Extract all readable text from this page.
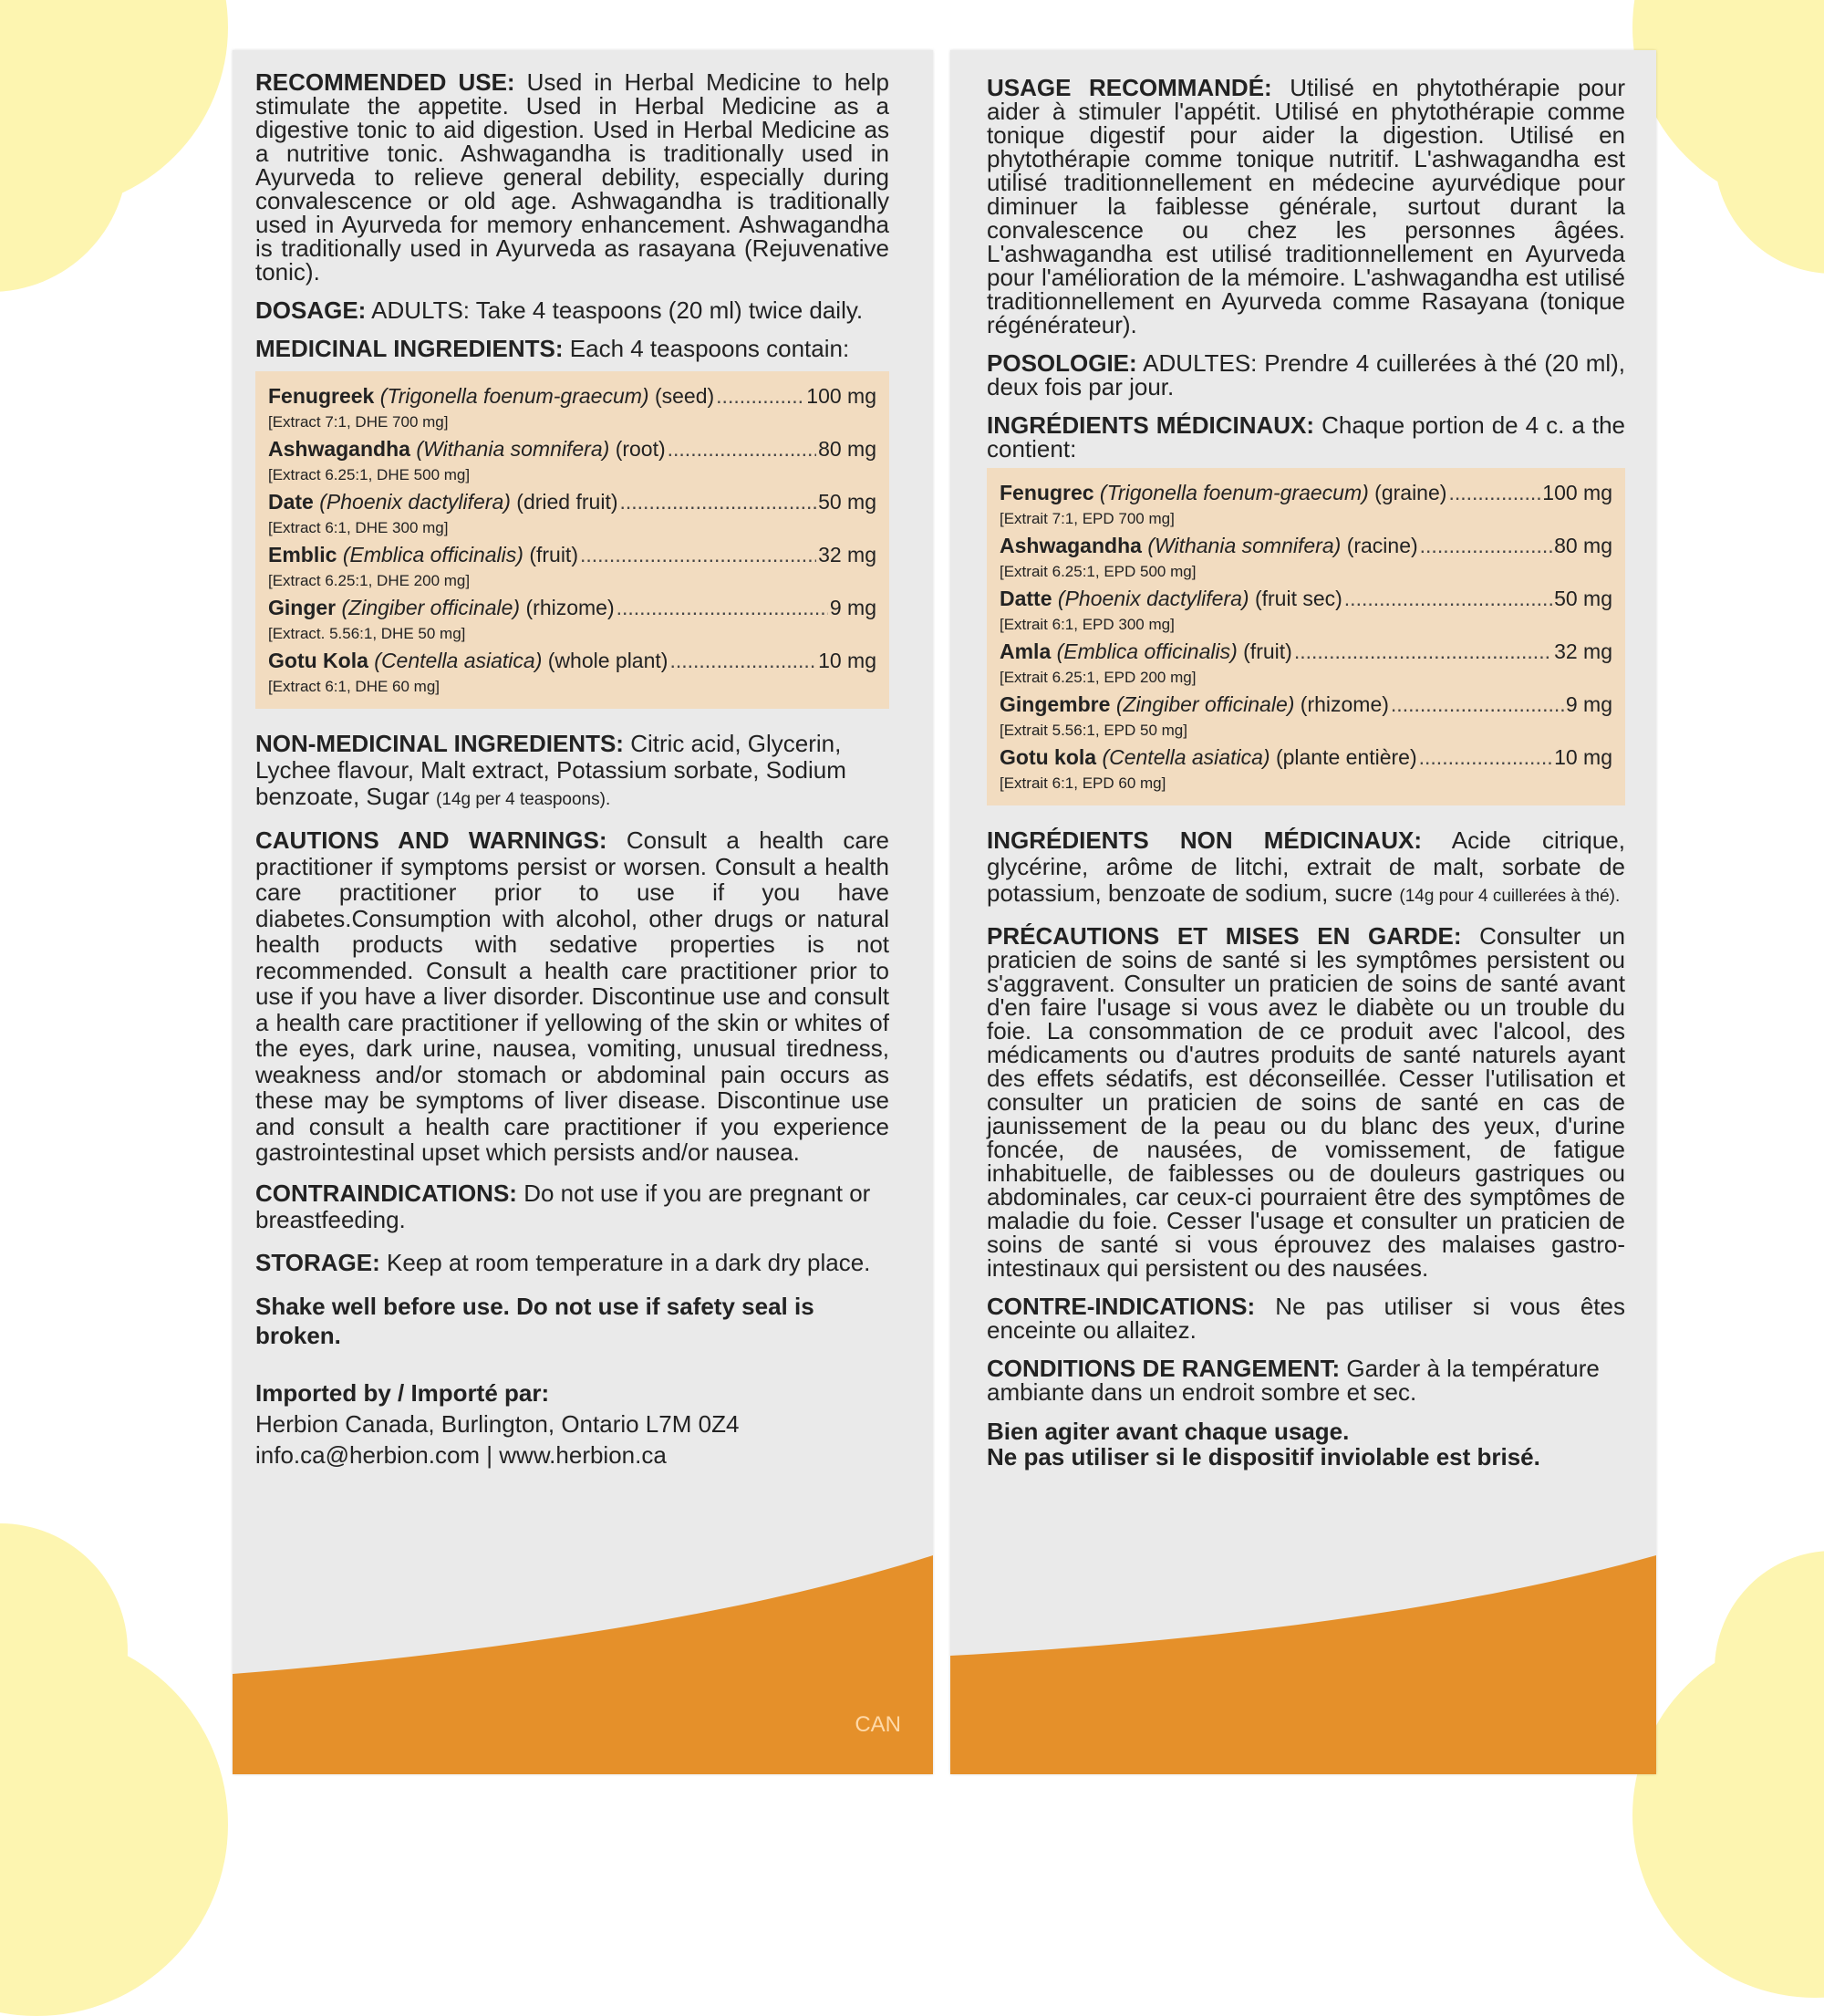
RECOMMENDED USE: Used in Herbal Medicine to help stimulate the appetite. Used in Herbal Medicine as a digestive tonic to aid digestion. Used in Herbal Medicine as a nutritive tonic. Ashwagandha is traditionally used in Ayurveda to relieve general debility, especially during convalescence or old age. Ashwagandha is traditionally used in Ayurveda for memory enhancement. Ashwagandha is traditionally used in Ayurveda as rasayana (Rejuvenative tonic).

DOSAGE: ADULTS: Take 4 teaspoons (20 ml) twice daily.

MEDICINAL INGREDIENTS: Each 4 teaspoons contain:

Fenugreek (Trigonella foenum-graecum) (seed) .....	100 mg
[Extract 7:1, DHE 700 mg]
Ashwagandha (Withania somnifera) (root) .....	80 mg
[Extract 6.25:1, DHE 500 mg]
Date (Phoenix dactylifera) (dried fruit) .....	50 mg
[Extract 6:1, DHE 300 mg]
Emblic (Emblica officinalis) (fruit) .....	32 mg
[Extract 6.25:1, DHE 200 mg]
Ginger (Zingiber officinale) (rhizome) .....	9 mg
[Extract. 5.56:1, DHE 50 mg]
Gotu Kola (Centella asiatica) (whole plant) .....	10 mg
[Extract 6:1, DHE 60 mg]

NON-MEDICINAL INGREDIENTS: Citric acid, Glycerin, Lychee flavour, Malt extract, Potassium sorbate, Sodium benzoate, Sugar (14g per 4 teaspoons).

CAUTIONS AND WARNINGS: Consult a health care practitioner if symptoms persist or worsen. Consult a health care practitioner prior to use if you have diabetes.Consumption with alcohol, other drugs or natural health products with sedative properties is not recommended. Consult a health care practitioner prior to use if you have a liver disorder. Discontinue use and consult a health care practitioner if yellowing of the skin or whites of the eyes, dark urine, nausea, vomiting, unusual tiredness, weakness and/or stomach or abdominal pain occurs as these may be symptoms of liver disease. Discontinue use and consult a health care practitioner if you experience gastrointestinal upset which persists and/or nausea.

CONTRAINDICATIONS: Do not use if you are pregnant or breastfeeding.

STORAGE: Keep at room temperature in a dark dry place.

Shake well before use. Do not use if safety seal is broken.

Imported by / Importé par:
Herbion Canada, Burlington, Ontario L7M 0Z4
info.ca@herbion.com | www.herbion.ca
CAN

USAGE RECOMMANDÉ: Utilisé en phytothérapie pour aider à stimuler l'appétit. Utilisé en phytothérapie comme tonique digestif pour aider la digestion. Utilisé en phytothérapie comme tonique nutritif. L'ashwagandha est utilisé traditionnellement en médecine ayurvédique pour diminuer la faiblesse générale, surtout durant la convalescence ou chez les personnes âgées. L'ashwagandha est utilisé traditionnellement en Ayurveda pour l'amélioration de la mémoire. L'ashwagandha est utilisé traditionnellement en Ayurveda comme Rasayana (tonique régénérateur).

POSOLOGIE: ADULTES: Prendre 4 cuillerées à thé (20 ml), deux fois par jour.

INGRÉDIENTS MÉDICINAUX: Chaque portion de 4 c. a the contient:

Fenugrec (Trigonella foenum-graecum) (graine) .....	100 mg
[Extrait 7:1, EPD 700 mg]
Ashwagandha (Withania somnifera) (racine) .....	80 mg
[Extrait 6.25:1, EPD 500 mg]
Datte (Phoenix dactylifera) (fruit sec) .....	50 mg
[Extrait 6:1, EPD 300 mg]
Amla (Emblica officinalis) (fruit) .....	32 mg
[Extrait 6.25:1, EPD 200 mg]
Gingembre (Zingiber officinale) (rhizome) .....	9 mg
[Extrait 5.56:1, EPD 50 mg]
Gotu kola (Centella asiatica) (plante entière) .....	10 mg
[Extrait 6:1, EPD 60 mg]

INGRÉDIENTS NON MÉDICINAUX: Acide citrique, glycérine, arôme de litchi, extrait de malt, sorbate de potassium, benzoate de sodium, sucre (14g pour 4 cuillerées à thé).

PRÉCAUTIONS ET MISES EN GARDE: Consulter un praticien de soins de santé si les symptômes persistent ou s'aggravent. Consulter un praticien de soins de santé avant d'en faire l'usage si vous avez le diabète ou un trouble du foie. La consommation de ce produit avec l'alcool, des médicaments ou d'autres produits de santé naturels ayant des effets sédatifs, est déconseillée. Cesser l'utilisation et consulter un praticien de soins de santé en cas de jaunissement de la peau ou du blanc des yeux, d'urine foncée, de nausées, de vomissement, de fatigue inhabituelle, de faiblesses ou de douleurs gastriques ou abdominales, car ceux-ci pourraient être des symptômes de maladie du foie. Cesser l'usage et consulter un praticien de soins de santé si vous éprouvez des malaises gastro-intestinaux qui persistent ou des nausées.

CONTRE-INDICATIONS: Ne pas utiliser si vous êtes enceinte ou allaitez.

CONDITIONS DE RANGEMENT: Garder à la température ambiante dans un endroit sombre et sec.

Bien agiter avant chaque usage.
Ne pas utiliser si le dispositif inviolable est brisé.
